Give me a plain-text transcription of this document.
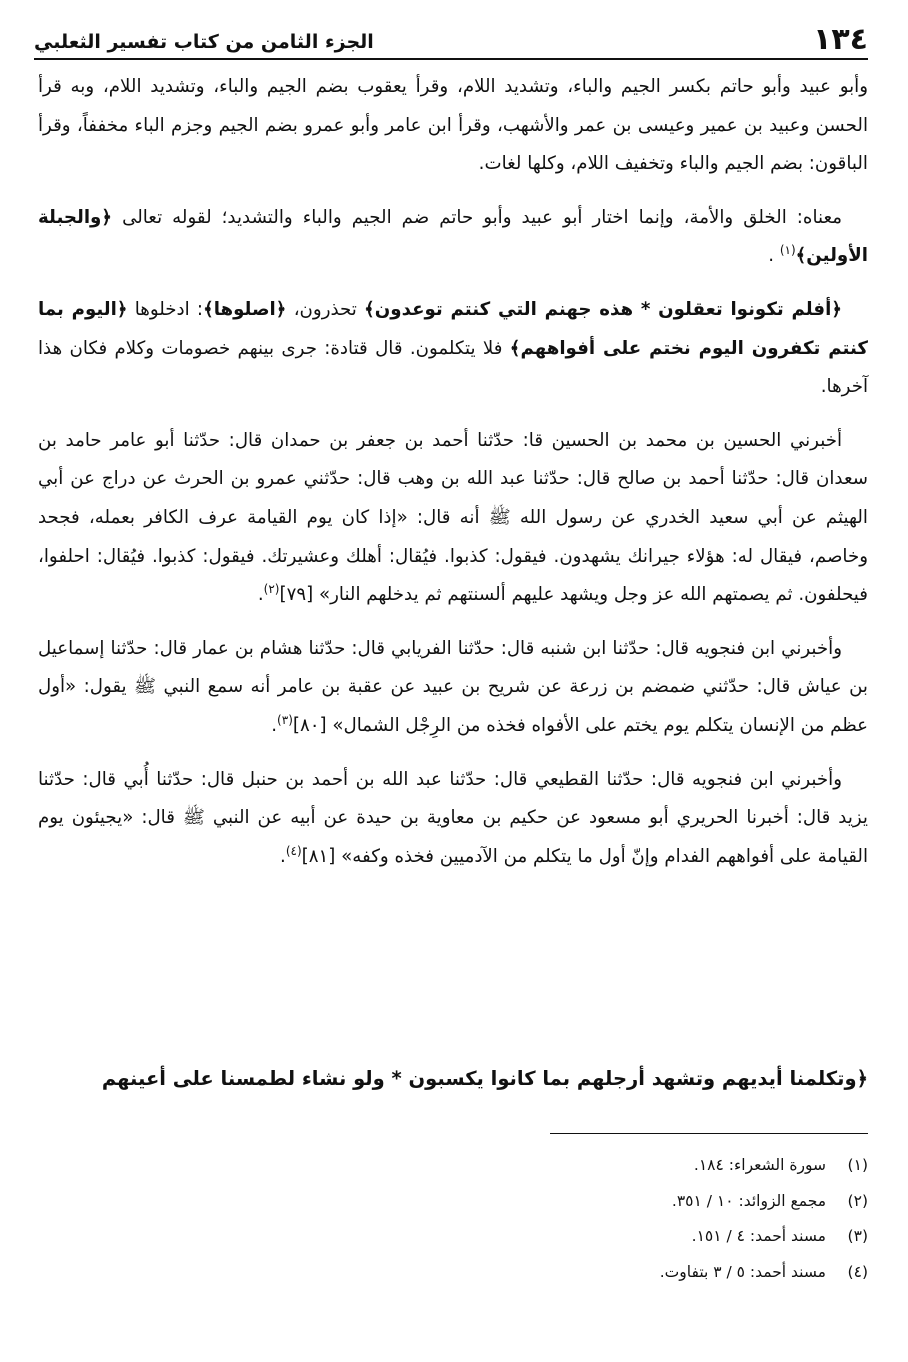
١٣٤
الجزء الثامن من كتاب تفسير الثعلبي

وأبو عبيد وأبو حاتم بكسر الجيم والباء، وتشديد اللام، وقرأ يعقوب بضم الجيم والباء، وتشديد اللام، وبه قرأ الحسن وعبيد بن عمير وعيسى بن عمر والأشهب، وقرأ ابن عامر وأبو عمرو بضم الجيم وجزم الباء مخففاً، وقرأ الباقون: بضم الجيم والباء وتخفيف اللام، وكلها لغات.

معناه: الخلق والأمة، وإنما اختار أبو عبيد وأبو حاتم ضم الجيم والباء والتشديد؛ لقوله تعالى ﴿والجبلة الأولين﴾$^{(١)}$ .

﴿أفلم تكونوا تعقلون * هذه جهنم التي كنتم توعدون﴾ تحذرون، ﴿اصلوها﴾: ادخلوها ﴿اليوم بما كنتم تكفرون اليوم نختم على أفواههم﴾ فلا يتكلمون. قال قتادة: جرى بينهم خصومات وكلام فكان هذا آخرها.

أخبرني الحسين بن محمد بن الحسين قا: حدّثنا أحمد بن جعفر بن حمدان قال: حدّثنا أبو عامر حامد بن سعدان قال: حدّثنا أحمد بن صالح قال: حدّثنا عبد الله بن وهب قال: حدّثني عمرو بن الحرث عن دراج عن أبي الهيثم عن أبي سعيد الخدري عن رسول الله ﷺ أنه قال: «إذا كان يوم القيامة عرف الكافر بعمله، فجحد وخاصم، فيقال له: هؤلاء جيرانك يشهدون. فيقول: كذبوا. فيُقال: أهلك وعشيرتك. فيقول: كذبوا. فيُقال: احلفوا، فيحلفون. ثم يصمتهم الله عز وجل ويشهد عليهم ألسنتهم ثم يدخلهم النار» [٧٩]$^{(٢)}$.

وأخبرني ابن فنجويه قال: حدّثنا ابن شنبه قال: حدّثنا الفريابي قال: حدّثنا هشام بن عمار قال: حدّثنا إسماعيل بن عياش قال: حدّثني ضمضم بن زرعة عن شريح بن عبيد عن عقبة بن عامر أنه سمع النبي ﷺ يقول: «أول عظم من الإنسان يتكلم يوم يختم على الأفواه فخذه من الرِجْل الشمال» [٨٠]$^{(٣)}$.

وأخبرني ابن فنجويه قال: حدّثنا القطيعي قال: حدّثنا عبد الله بن أحمد بن حنبل قال: حدّثنا أُبي قال: حدّثنا يزيد قال: أخبرنا الحريري أبو مسعود عن حكيم بن معاوية بن حيدة عن أبيه عن النبي ﷺ قال: «يجيئون يوم القيامة على أفواههم الفدام وإنّ أول ما يتكلم من الآدميين فخذه وكفه» [٨١]$^{(٤)}$.

﴿وتكلمنا أيديهم وتشهد أرجلهم بما كانوا يكسبون * ولو نشاء لطمسنا على أعينهم
(١)
سورة الشعراء: ١٨٤.
(٢)
مجمع الزوائد: ١٠ / ٣٥١.
(٣)
مسند أحمد: ٤ / ١٥١.
(٤)
مسند أحمد: ٥ / ٣ بتفاوت.
